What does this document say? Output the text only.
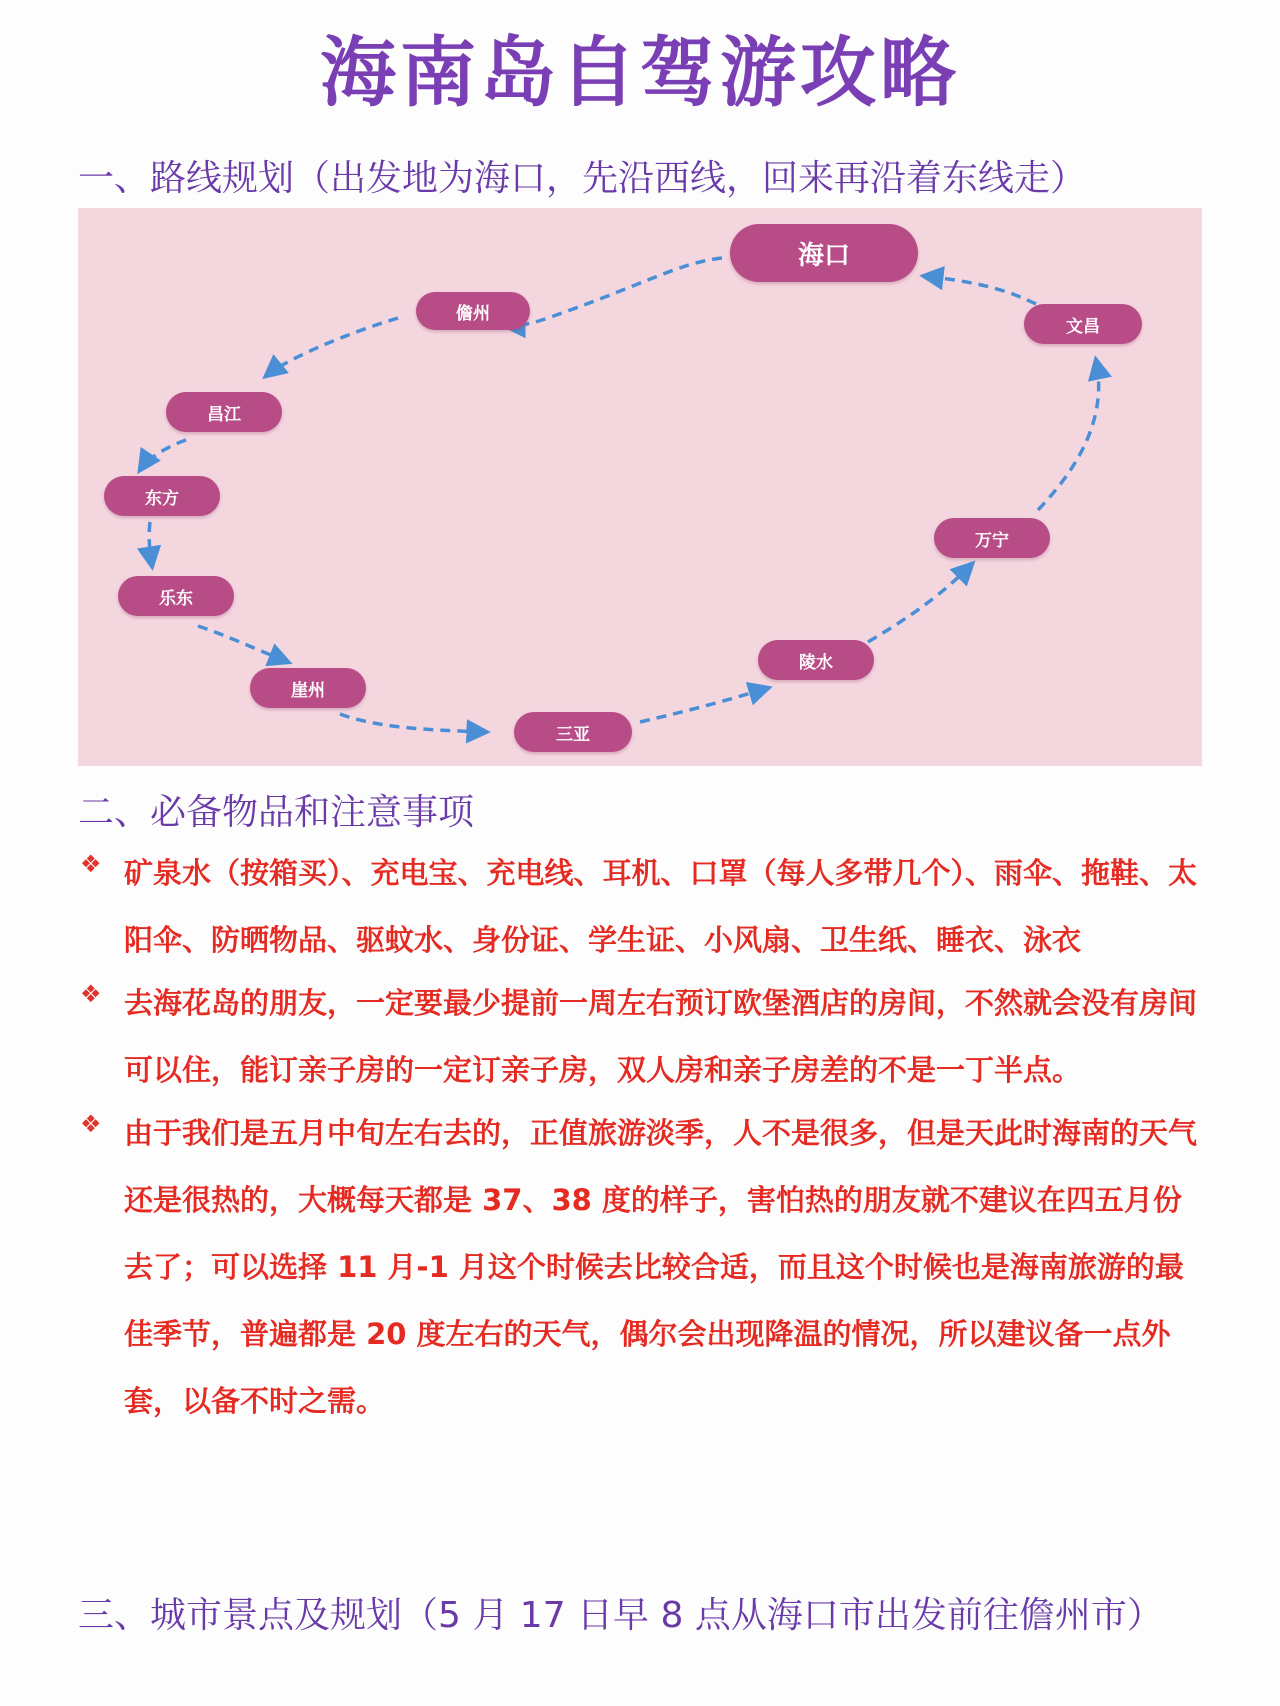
海南岛自驾游攻略
一、路线规划（出发地为海口，先沿西线，回来再沿着东线走）
海口
儋州
昌江
东方
乐东
崖州
三亚
陵水
万宁
文昌
二、必备物品和注意事项
❖ 矿泉水（按箱买）、充电宝、充电线、耳机、口罩（每人多带几个）、雨伞、拖鞋、太阳伞、防晒物品、驱蚊水、身份证、学生证、小风扇、卫生纸、睡衣、泳衣
❖ 去海花岛的朋友，一定要最少提前一周左右预订欧堡酒店的房间，不然就会没有房间可以住，能订亲子房的一定订亲子房，双人房和亲子房差的不是一丁半点。
❖ 由于我们是五月中旬左右去的，正值旅游淡季，人不是很多，但是天此时海南的天气还是很热的，大概每天都是 37、38 度的样子，害怕热的朋友就不建议在四五月份去了；可以选择 11 月-1 月这个时候去比较合适，而且这个时候也是海南旅游的最佳季节，普遍都是 20 度左右的天气，偶尔会出现降温的情况，所以建议备一点外套，以备不时之需。
三、城市景点及规划（5 月 17 日早 8 点从海口市出发前往儋州市）
